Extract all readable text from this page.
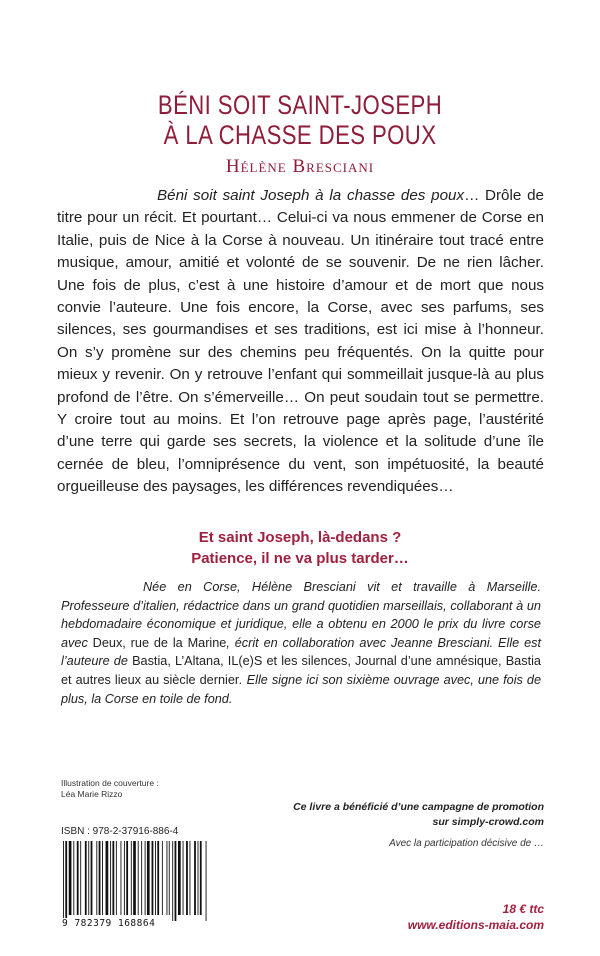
BÉNI SOIT SAINT-JOSEPH
À LA CHASSE DES POUX
Hélène Bresciani

Béni soit saint Joseph à la chasse des poux… Drôle de titre pour un récit. Et pourtant… Celui-ci va nous emmener de Corse en Italie, puis de Nice à la Corse à nouveau. Un itinéraire tout tracé entre musique, amour, amitié et volonté de se souvenir. De ne rien lâcher. Une fois de plus, c’est à une histoire d’amour et de mort que nous convie l’auteure. Une fois encore, la Corse, avec ses parfums, ses silences, ses gourmandises et ses traditions, est ici mise à l’honneur. On s’y promène sur des chemins peu fréquentés. On la quitte pour mieux y revenir. On y retrouve l’enfant qui sommeillait jusque-là au plus profond de l’être. On s’émerveille… On peut soudain tout se permettre. Y croire tout au moins. Et l’on retrouve page après page, l’austérité d’une terre qui garde ses secrets, la violence et la solitude d’une île cernée de bleu, l’omniprésence du vent, son impétuosité, la beauté orgueilleuse des paysages, les différences revendiquées…

Et saint Joseph, là-dedans ?
Patience, il ne va plus tarder…

Née en Corse, Hélène Bresciani vit et travaille à Marseille. Professeure d’italien, rédactrice dans un grand quotidien marseillais, collaborant à un hebdomadaire économique et juridique, elle a obtenu en 2000 le prix du livre corse avec Deux, rue de la Marine, écrit en collaboration avec Jeanne Bresciani. Elle est l’auteure de Bastia, L’Altana, IL(e)S et les silences, Journal d’une amnésique, Bastia et autres lieux au siècle dernier. Elle signe ici son sixième ouvrage avec, une fois de plus, la Corse en toile de fond.

Illustration de couverture :
Léa Marie Rizzo
ISBN : 978-2-37916-886-4
9 782379 168864
Ce livre a bénéficié d’une campagne de promotion
sur simply-crowd.com
Avec la participation décisive de …
18 € ttc
www.editions-maia.com
